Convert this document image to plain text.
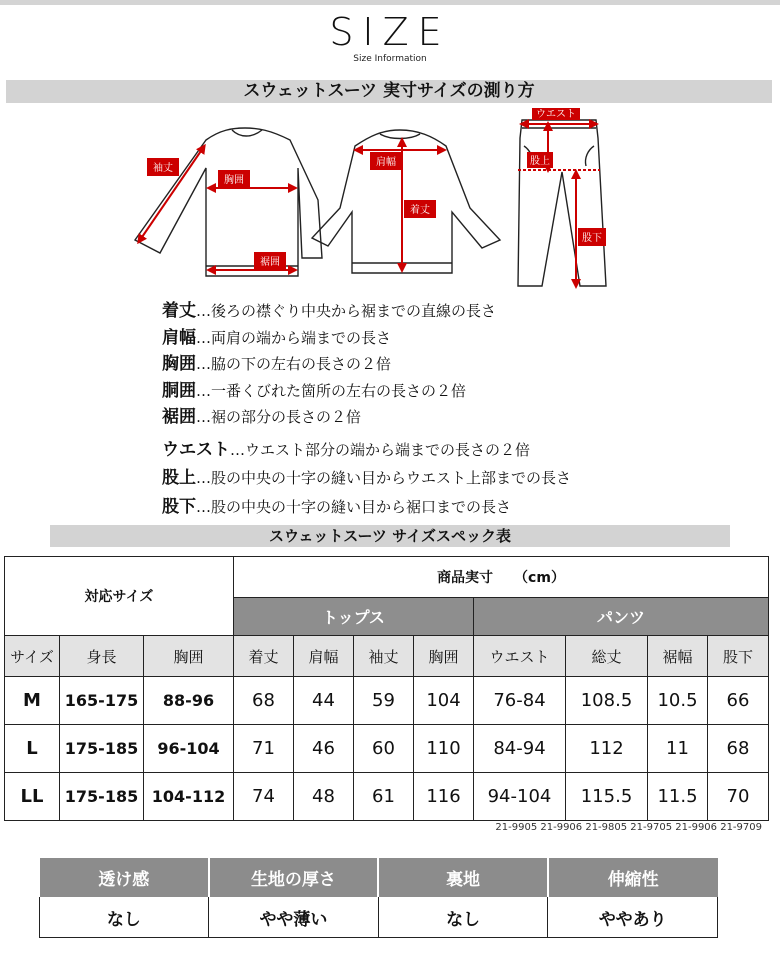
SIZE
Size Information
スウェットスーツ 実寸サイズの測り方
袖丈
胸囲
裾囲
肩幅
着丈
ウエスト
股上
股下
着丈…後ろの襟ぐり中央から裾までの直線の長さ
肩幅…両肩の端から端までの長さ
胸囲…脇の下の左右の長さの２倍
胴囲…一番くびれた箇所の左右の長さの２倍
裾囲…裾の部分の長さの２倍
ウエスト…ウエスト部分の端から端までの長さの２倍
股上…股の中央の十字の縫い目からウエスト上部までの長さ
股下…股の中央の十字の縫い目から裾口までの長さ
スウェットスーツ サイズスペック表
対応サイズ			商品実寸　　（cm）							
			トップス				パンツ			
サイズ	身長	胸囲	着丈	肩幅	袖丈	胸囲	ウエスト	総丈	裾幅	股下
M	165-175	88-96	68	44	59	104	76-84	108.5	10.5	66
L	175-185	96-104	71	46	60	110	84-94	112	11	68
LL	175-185	104-112	74	48	61	116	94-104	115.5	11.5	70
21-9905 21-9906 21-9805 21-9705 21-9906 21-9709
透け感	生地の厚さ	裏地	伸縮性
なし	やや薄い	なし	ややあり
